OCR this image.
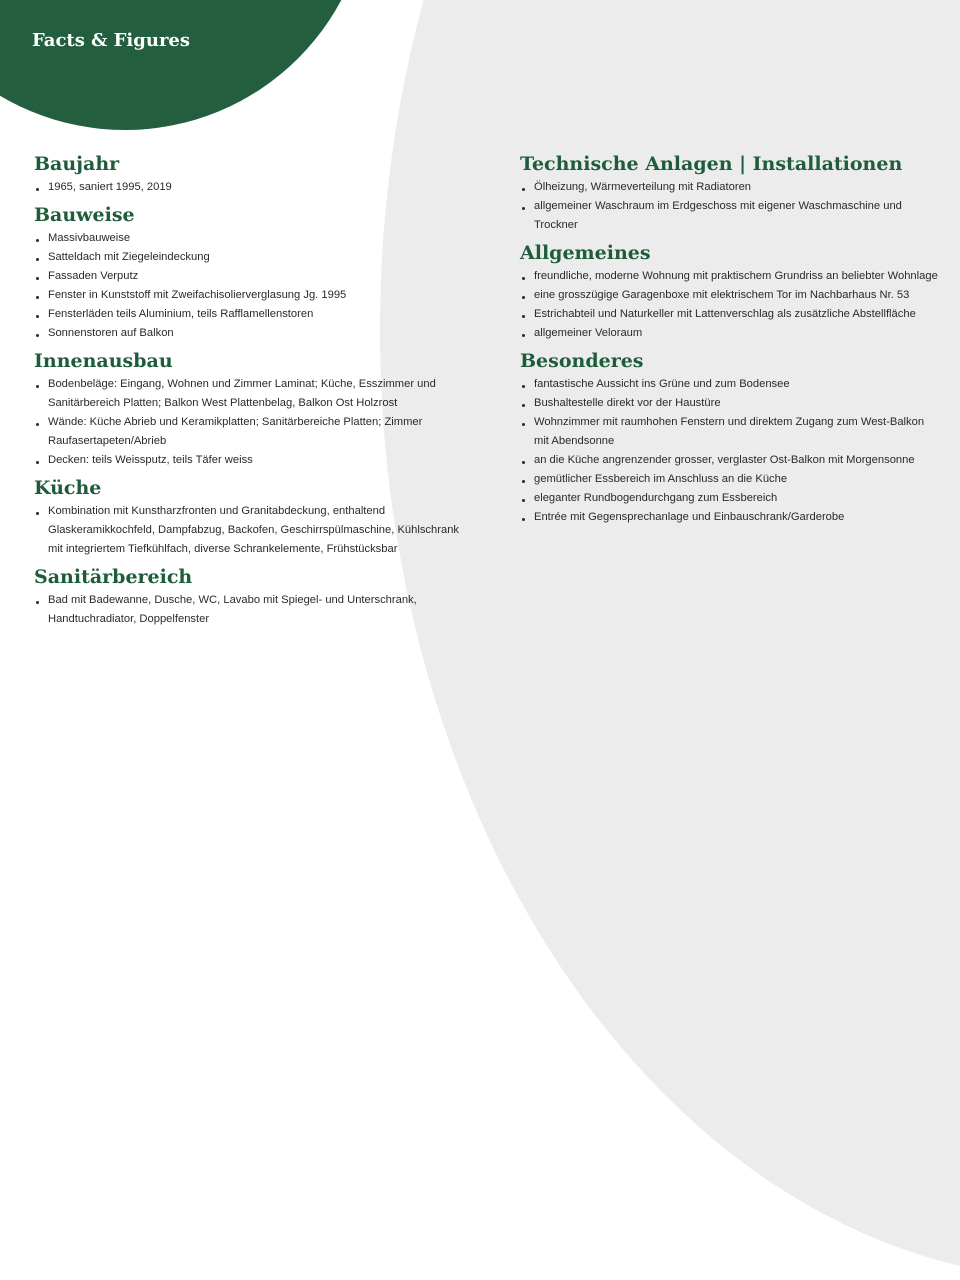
Facts & Figures
Baujahr
1965, saniert 1995, 2019
Bauweise
Massivbauweise
Satteldach mit Ziegeleindeckung
Fassaden Verputz
Fenster in Kunststoff mit Zweifachisolierverglasung Jg. 1995
Fensterläden teils Aluminium, teils Rafflamellenstoren
Sonnenstoren auf Balkon
Innenausbau
Bodenbeläge: Eingang, Wohnen und Zimmer Laminat; Küche, Esszimmer und Sanitärbereich Platten; Balkon West Plattenbelag, Balkon Ost Holzrost
Wände: Küche Abrieb und Keramikplatten; Sanitärbereiche Platten; Zimmer Raufasertapeten/Abrieb
Decken: teils Weissputz, teils Täfer weiss
Küche
Kombination mit Kunstharzfronten und Granitabdeckung, enthaltend Glaskeramikkochfeld, Dampfabzug, Backofen, Geschirrspülmaschine, Kühlschrank mit integriertem Tiefkühlfach, diverse Schrankelemente, Frühstücksbar
Sanitärbereich
Bad mit Badewanne, Dusche, WC, Lavabo mit Spiegel- und Unterschrank, Handtuchradiator, Doppelfenster
Technische Anlagen | Installationen
Ölheizung, Wärmeverteilung mit Radiatoren
allgemeiner Waschraum im Erdgeschoss mit eigener Waschmaschine und Trockner
Allgemeines
freundliche, moderne Wohnung mit praktischem Grundriss an beliebter Wohnlage
eine grosszügige Garagenboxe mit elektrischem Tor im Nachbarhaus Nr. 53
Estrichabteil und Naturkeller mit Lattenverschlag als zusätzliche Abstellfläche
allgemeiner Veloraum
Besonderes
fantastische Aussicht ins Grüne und zum Bodensee
Bushaltestelle direkt vor der Haustüre
Wohnzimmer mit raumhohen Fenstern und direktem Zugang zum West-Balkon mit Abendsonne
an die Küche angrenzender grosser, verglaster Ost-Balkon mit Morgensonne
gemütlicher Essbereich im Anschluss an die Küche
eleganter Rundbogendurchgang zum Essbereich
Entrée mit Gegensprechanlage und Einbauschrank/Garderobe
